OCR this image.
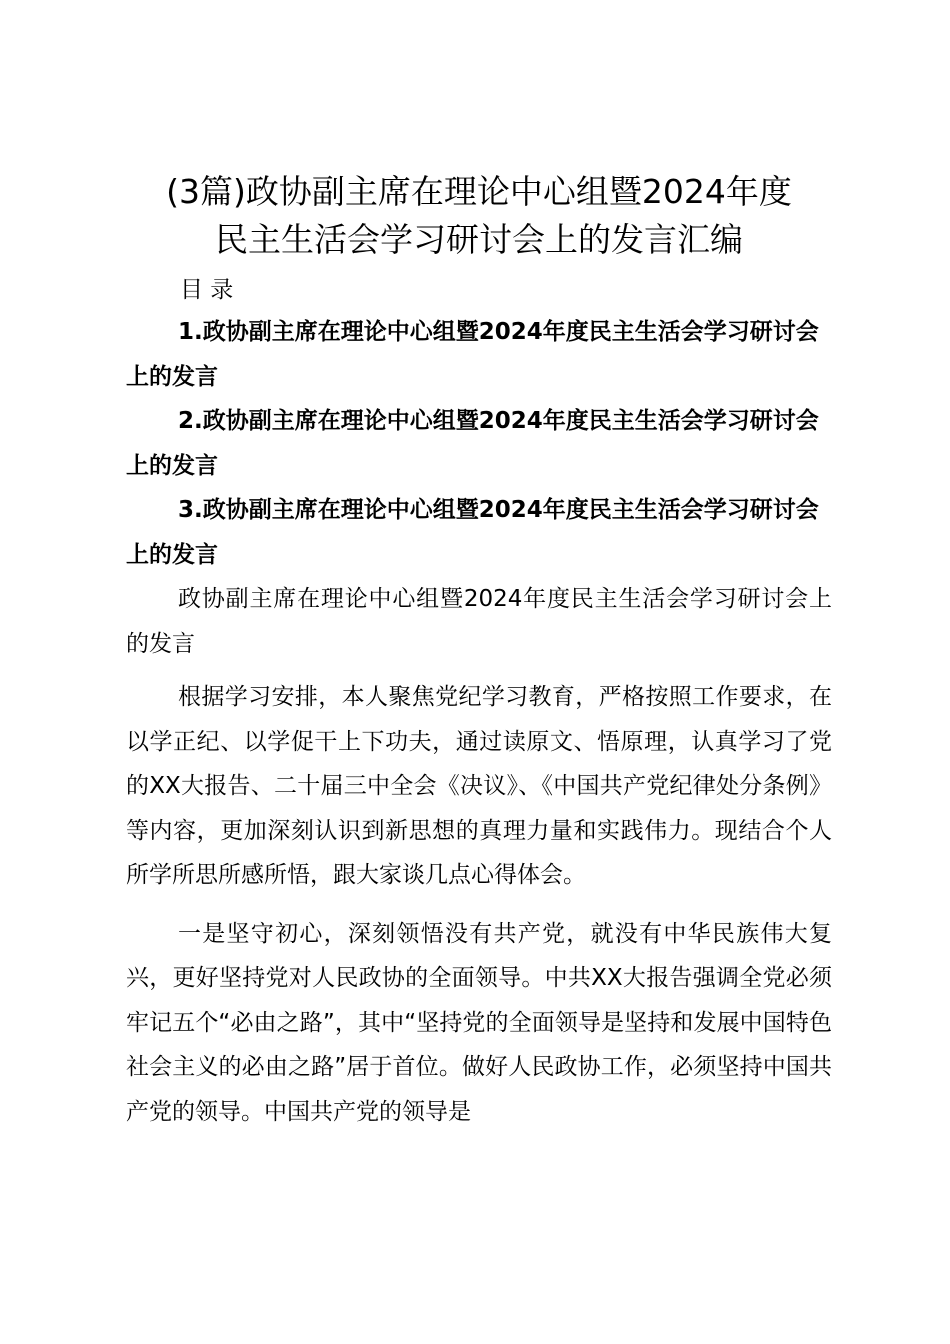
(3篇)政协副主席在理论中心组暨2024年度
民主生活会学习研讨会上的发言汇编
目 录
1.政协副主席在理论中心组暨2024年度民主生活会学习研讨会上的发言
2.政协副主席在理论中心组暨2024年度民主生活会学习研讨会上的发言
3.政协副主席在理论中心组暨2024年度民主生活会学习研讨会上的发言

政协副主席在理论中心组暨2024年度民主生活会学习研讨会上的发言

根据学习安排，本人聚焦党纪学习教育，严格按照工作要求，在以学正纪、以学促干上下功夫，通过读原文、悟原理，认真学习了党的XX大报告、二十届三中全会《决议》、《中国共产党纪律处分条例》等内容，更加深刻认识到新思想的真理力量和实践伟力。现结合个人所学所思所感所悟，跟大家谈几点心得体会。

一是坚守初心，深刻领悟没有共产党，就没有中华民族伟大复兴，更好坚持党对人民政协的全面领导。中共XX大报告强调全党必须牢记五个“必由之路”，其中“坚持党的全面领导是坚持和发展中国特色社会主义的必由之路”居于首位。做好人民政协工作，必须坚持中国共产党的领导。中国共产党的领导是
